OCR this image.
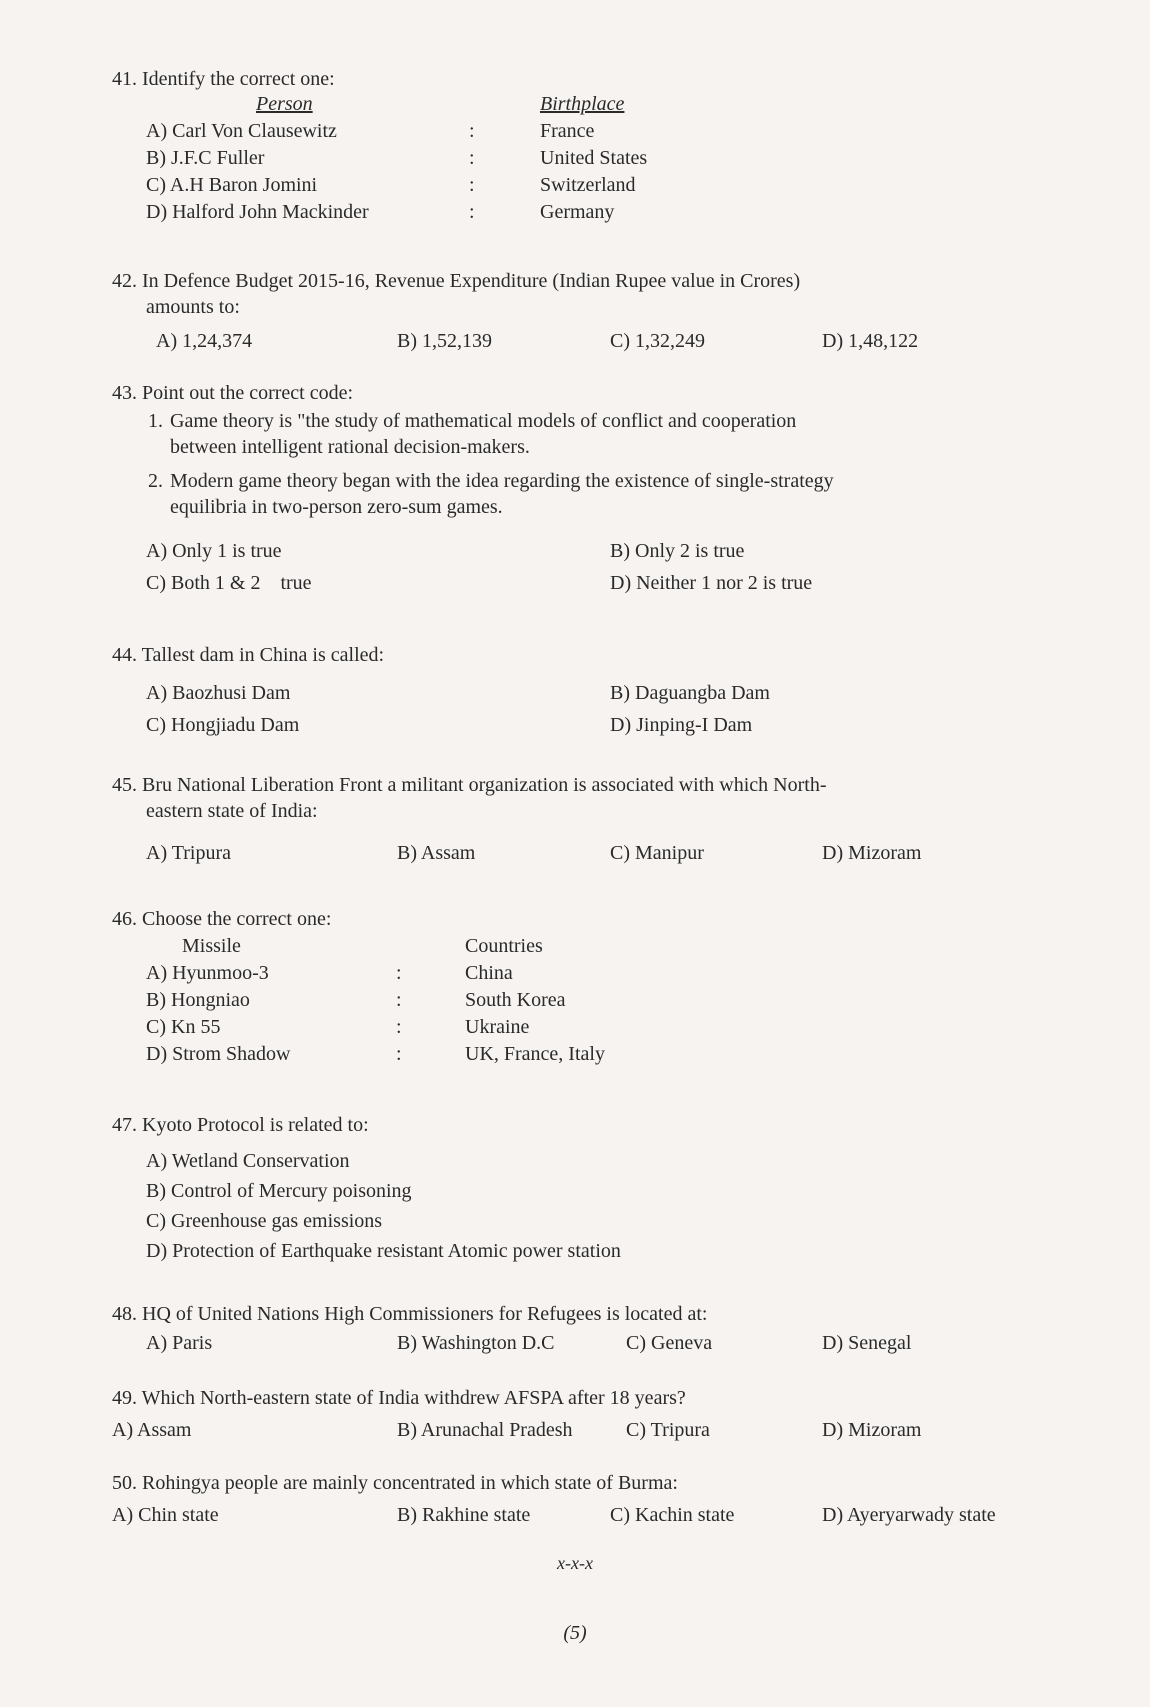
41. Identify the correct one:
Person	Birthplace
A) Carl Von Clausewitz	:	France
B) J.F.C Fuller	:	United States
C) A.H Baron Jomini	:	Switzerland
D) Halford John Mackinder	:	Germany
42. In Defence Budget 2015-16, Revenue Expenditure (Indian Rupee value in Crores)
amounts to:
A) 1,24,374	B) 1,52,139	C) 1,32,249	D) 1,48,122
43. Point out the correct code:
1. Game theory is "the study of mathematical models of conflict and cooperation
between intelligent rational decision-makers.
2. Modern game theory began with the idea regarding the existence of single-strategy
equilibria in two-person zero-sum games.
A) Only 1 is true	B) Only 2 is true
C) Both 1 & 2    true	D) Neither 1 nor 2 is true
44. Tallest dam in China is called:
A) Baozhusi Dam	B) Daguangba Dam
C) Hongjiadu Dam	D) Jinping-I Dam
45. Bru National Liberation Front a militant organization is associated with which North-
eastern state of India:
A) Tripura	B) Assam	C) Manipur	D) Mizoram
46. Choose the correct one:
Missile	Countries
A) Hyunmoo-3	:	China
B) Hongniao	:	South Korea
C) Kn 55	:	Ukraine
D) Strom Shadow	:	UK, France, Italy
47. Kyoto Protocol is related to:
A) Wetland Conservation
B) Control of Mercury poisoning
C) Greenhouse gas emissions
D) Protection of Earthquake resistant Atomic power station
48. HQ of United Nations High Commissioners for Refugees is located at:
A) Paris	B) Washington D.C	C) Geneva	D) Senegal
49. Which North-eastern state of India withdrew AFSPA after 18 years?
A) Assam	B) Arunachal Pradesh	C) Tripura	D) Mizoram
50. Rohingya people are mainly concentrated in which state of Burma:
A) Chin state	B) Rakhine state	C) Kachin state	D) Ayeryarwady state
x-x-x
(5)
